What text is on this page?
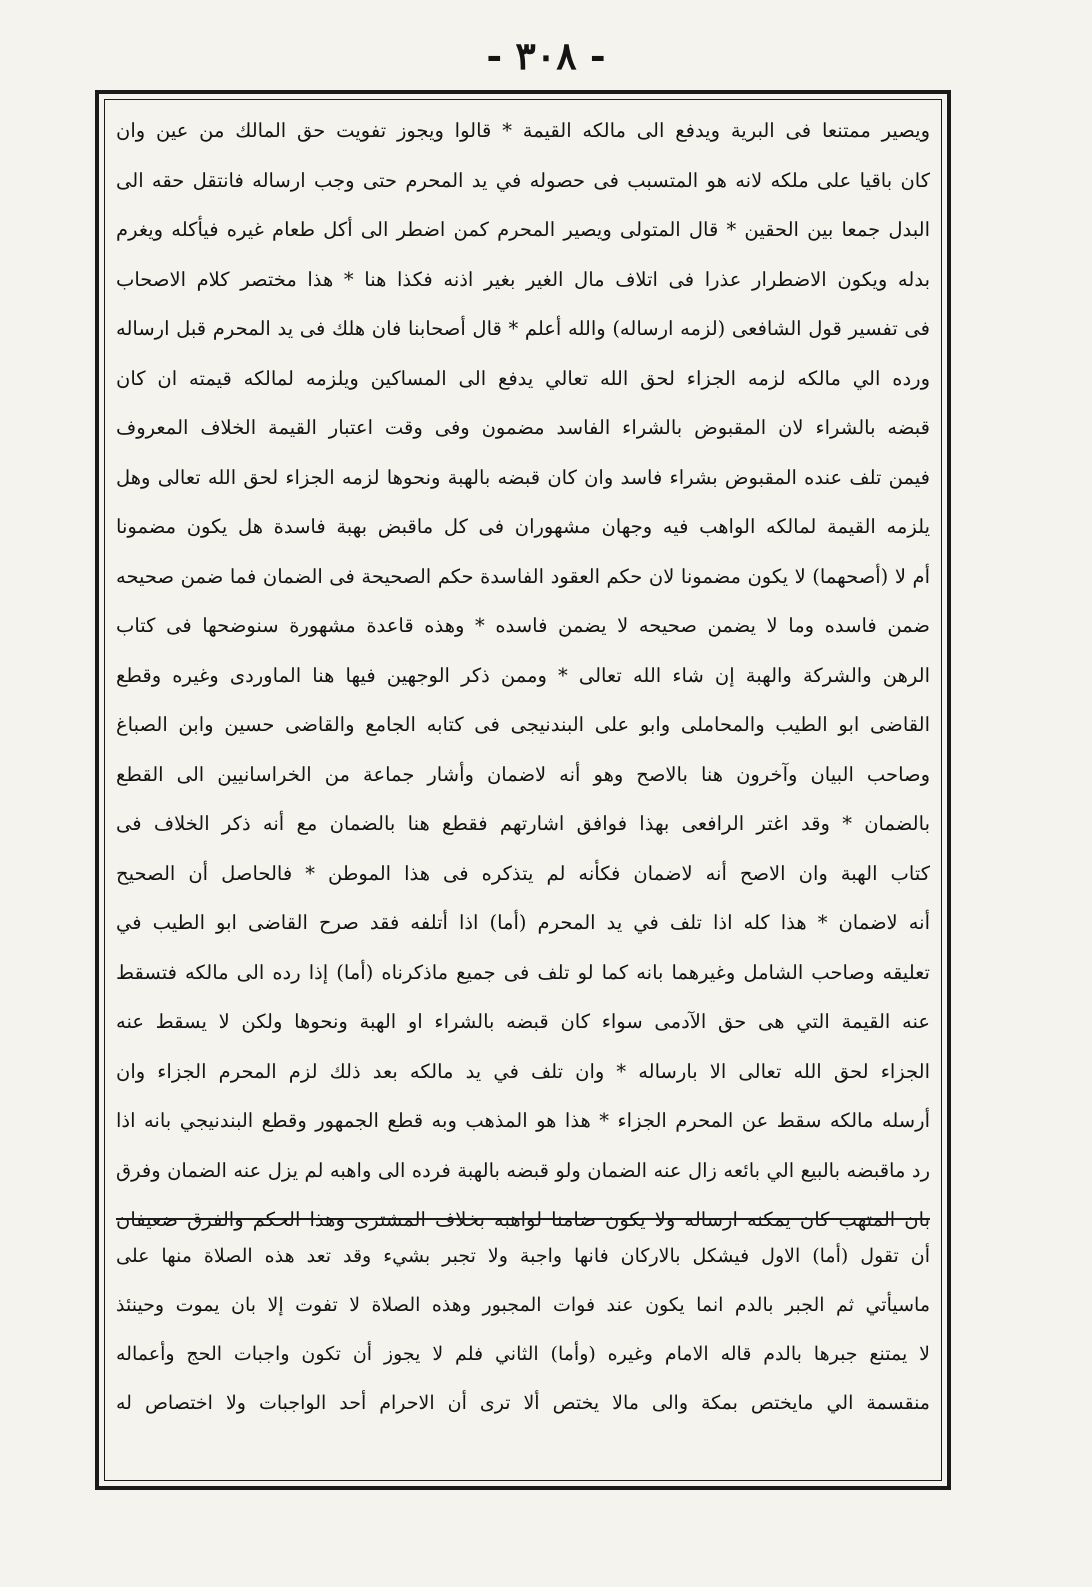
- ٣٠٨ -
ويصير ممتنعا فى البرية ويدفع الى مالكه القيمة * قالوا ويجوز تفويت حق المالك من عين وان
كان باقيا على ملكه لانه هو المتسبب فى حصوله في يد المحرم حتى وجب ارساله فانتقل حقه الى
البدل جمعا بين الحقين * قال المتولى ويصير المحرم كمن اضطر الى أكل طعام غيره فيأكله ويغرم
بدله ويكون الاضطرار عذرا فى اتلاف مال الغير بغير اذنه فكذا هنا * هذا مختصر كلام الاصحاب
فى تفسير قول الشافعى (لزمه ارساله) والله أعلم * قال أصحابنا فان هلك فى يد المحرم قبل ارساله
ورده الي مالكه لزمه الجزاء لحق الله تعالي يدفع الى المساكين ويلزمه لمالكه قيمته ان كان
قبضه بالشراء لان المقبوض بالشراء الفاسد مضمون وفى وقت اعتبار القيمة الخلاف المعروف
فيمن تلف عنده المقبوض بشراء فاسد وان كان قبضه بالهبة ونحوها لزمه الجزاء لحق الله تعالى وهل
يلزمه القيمة لمالكه الواهب فيه وجهان مشهوران فى كل ماقبض بهبة فاسدة هل يكون مضمونا
أم لا (أصحهما) لا يكون مضمونا لان حكم العقود الفاسدة حكم الصحيحة فى الضمان فما ضمن صحيحه
ضمن فاسده وما لا يضمن صحيحه لا يضمن فاسده * وهذه قاعدة مشهورة سنوضحها فى كتاب
الرهن والشركة والهبة إن شاء الله تعالى * وممن ذكر الوجهين فيها هنا الماوردى وغيره وقطع
القاضى ابو الطيب والمحاملى وابو على البندنيجى فى كتابه الجامع والقاضى حسين وابن الصباغ
وصاحب البيان وآخرون هنا بالاصح وهو أنه لاضمان وأشار جماعة من الخراسانيين الى القطع
بالضمان * وقد اغتر الرافعى بهذا فوافق اشارتهم فقطع هنا بالضمان مع أنه ذكر الخلاف فى
كتاب الهبة وان الاصح أنه لاضمان فكأنه لم يتذكره فى هذا الموطن * فالحاصل أن الصحيح
أنه لاضمان * هذا كله اذا تلف في يد المحرم (أما) اذا أتلفه فقد صرح القاضى ابو الطيب في
تعليقه وصاحب الشامل وغيرهما بانه كما لو تلف فى جميع ماذكرناه (أما) إذا رده الى مالكه فتسقط
عنه القيمة التي هى حق الآدمى سواء كان قبضه بالشراء او الهبة ونحوها ولكن لا يسقط عنه
الجزاء لحق الله تعالى الا بارساله * وان تلف في يد مالكه بعد ذلك لزم المحرم الجزاء وان
أرسله مالكه سقط عن المحرم الجزاء * هذا هو المذهب وبه قطع الجمهور وقطع البندنيجي بانه اذا
رد ماقبضه بالبيع الي بائعه زال عنه الضمان ولو قبضه بالهبة فرده الى واهبه لم يزل عنه الضمان وفرق
بان المتهب كان يمكنه ارساله ولا يكون ضامنا لواهبه بخلاف المشترى وهذا الحكم والفرق ضعيفان
أن تقول (أما) الاول فيشكل بالاركان فانها واجبة ولا تجبر بشيء وقد تعد هذه الصلاة منها على
ماسيأتي ثم الجبر بالدم انما يكون عند فوات المجبور وهذه الصلاة لا تفوت إلا بان يموت وحينئذ
لا يمتنع جبرها بالدم قاله الامام وغيره (وأما) الثاني فلم لا يجوز أن تكون واجبات الحج وأعماله
منقسمة الي مايختص بمكة والى مالا يختص ألا ترى أن الاحرام أحد الواجبات ولا اختصاص له
